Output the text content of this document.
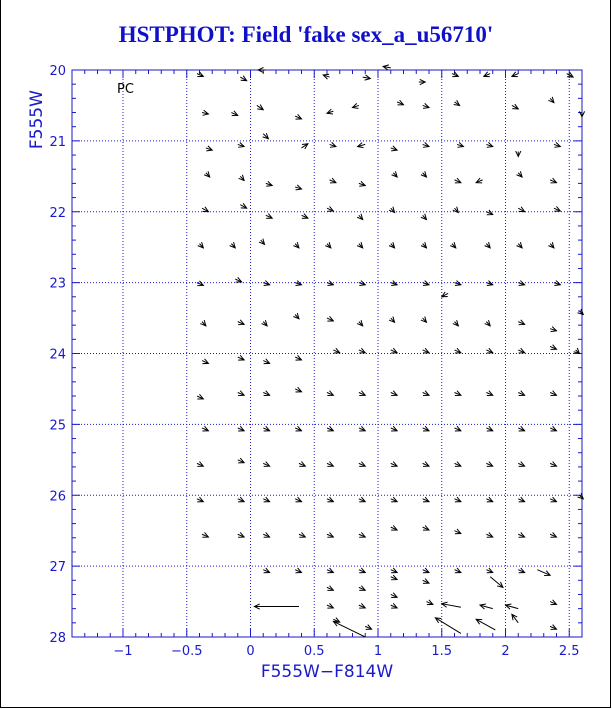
HSTPHOT: Field 'fake sex_a_u56710'
−1	−0.5	0	0.5	1	1.5	2	2.5
20
21
22
23
24
25
26
27
28
PC
F555W−F814W
F555W
